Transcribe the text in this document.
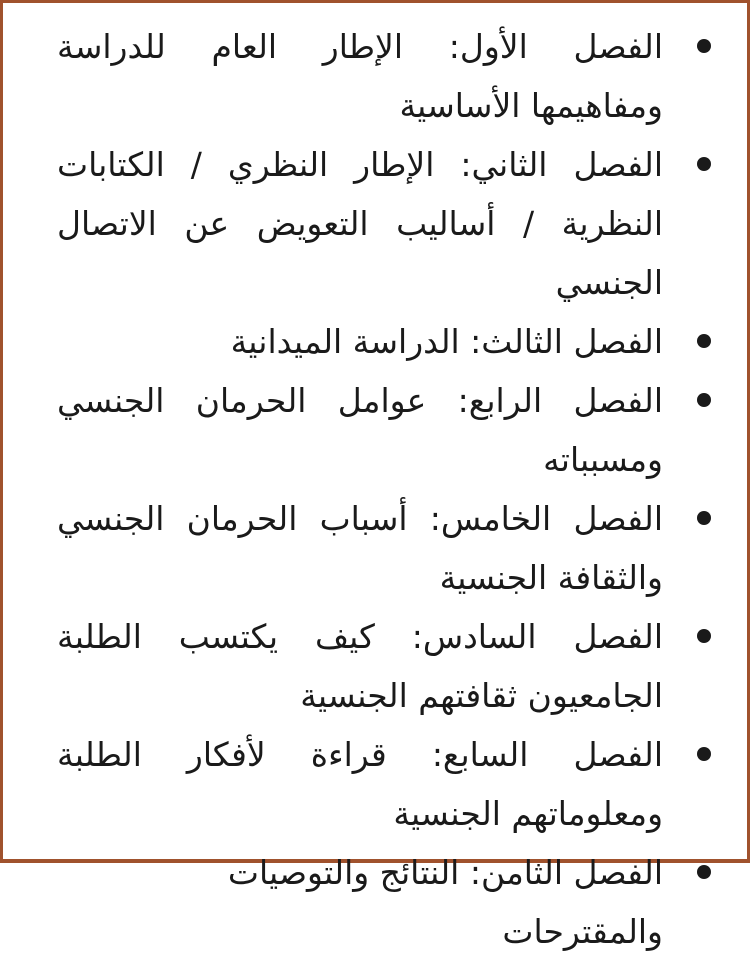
الفصل الأول: الإطار العام للدراسة ومفاهيمها الأساسية
الفصل الثاني: الإطار النظري / الكتابات النظرية / أساليب التعويض عن الاتصال الجنسي
الفصل الثالث: الدراسة الميدانية
الفصل الرابع: عوامل الحرمان الجنسي ومسبباته
الفصل الخامس: أسباب الحرمان الجنسي والثقافة الجنسية
الفصل السادس: كيف يكتسب الطلبة الجامعيون ثقافتهم الجنسية
الفصل السابع: قراءة لأفكار الطلبة ومعلوماتهم الجنسية
الفصل الثامن: النتائج والتوصيات والمقترحات
